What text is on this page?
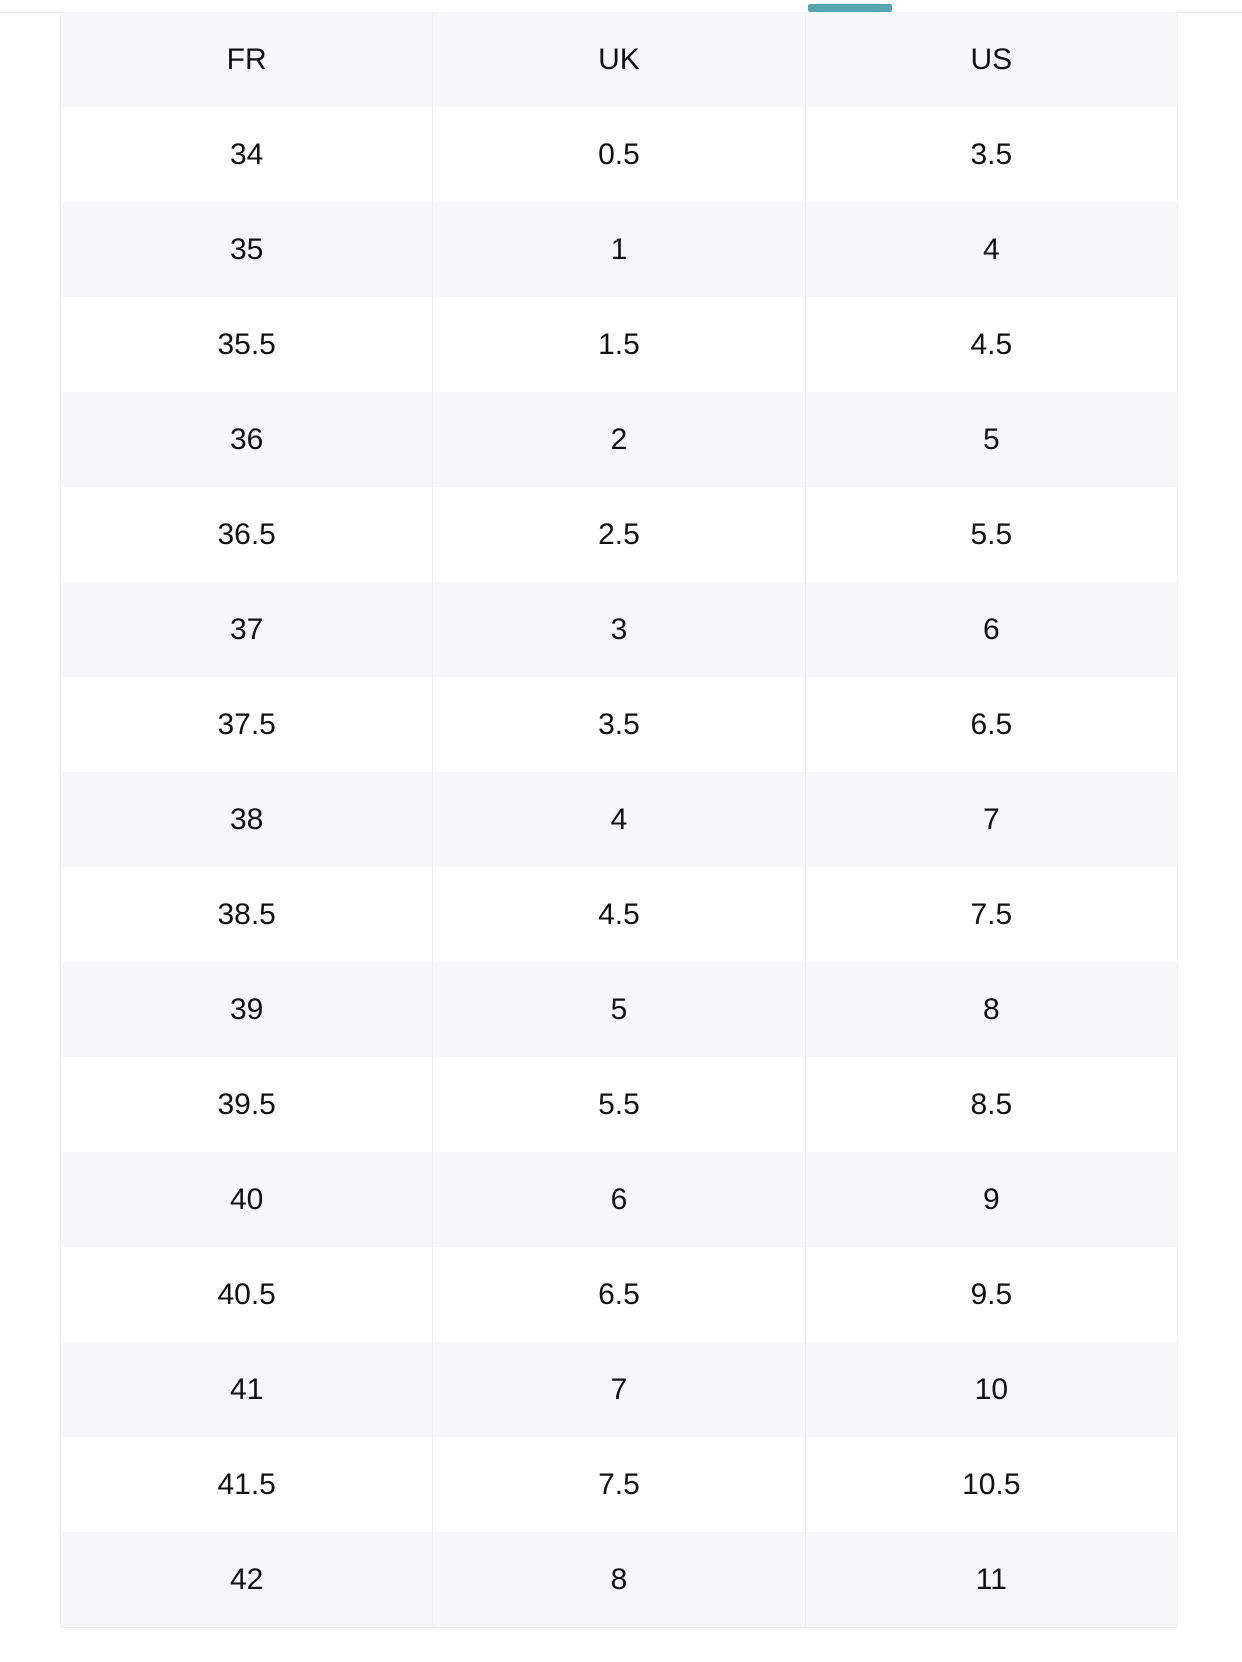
FR	UK	US
34	0.5	3.5
35	1	4
35.5	1.5	4.5
36	2	5
36.5	2.5	5.5
37	3	6
37.5	3.5	6.5
38	4	7
38.5	4.5	7.5
39	5	8
39.5	5.5	8.5
40	6	9
40.5	6.5	9.5
41	7	10
41.5	7.5	10.5
42	8	11
